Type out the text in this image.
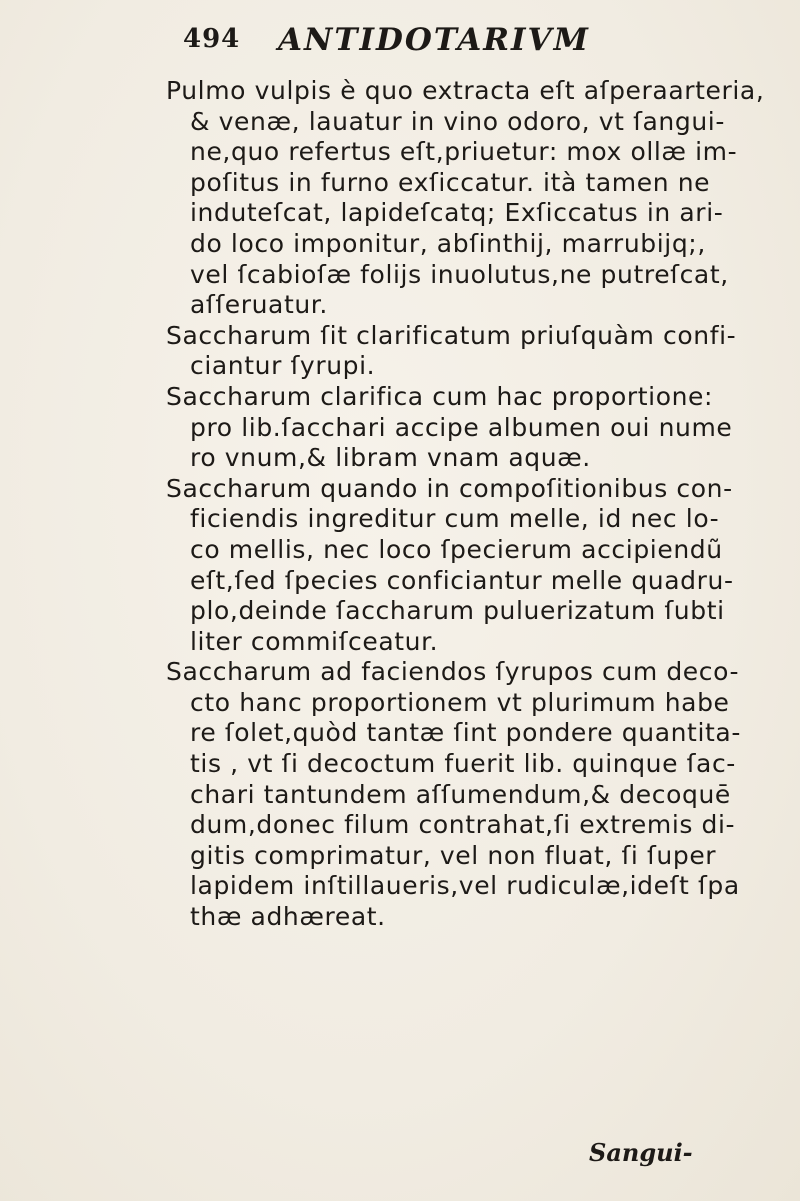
494 ANTIDOTARIVM
Pulmo vulpis è quo extracta eſt aſperaarteria,
& venæ, lauatur in vino odoro, vt ſangui-
ne,quo refertus eſt,priuetur: mox ollæ im-
poſitus in furno exſiccatur. ità tamen ne
induteſcat, lapideſcatq; Exſiccatus in ari-
do loco imponitur, abſinthij, marrubijq;,
vel ſcabioſæ folijs inuolutus,ne putreſcat,
aſſeruatur.
Saccharum ſit clarificatum priuſquàm confi-
ciantur ſyrupi.
Saccharum clarifica cum hac proportione:
pro lib.ſacchari accipe albumen oui nume
ro vnum,& libram vnam aquæ.
Saccharum quando in compoſitionibus con-
ficiendis ingreditur cum melle, id nec lo-
co mellis, nec loco ſpecierum accipiendũ
eſt,ſed ſpecies conficiantur melle quadru-
plo,deinde ſaccharum puluerizatum ſubti
liter commiſceatur.
Saccharum ad faciendos ſyrupos cum deco-
cto hanc proportionem vt plurimum habe
re ſolet,quòd tantæ ſint pondere quantita-
tis , vt ſi decoctum fuerit lib. quinque ſac-
chari tantundem aſſumendum,& decoquē
dum,donec filum contrahat,ſi extremis di-
gitis comprimatur, vel non fluat, ſi ſuper
lapidem inſtillaueris,vel rudiculæ,ideſt ſpa
thæ adhæreat.
Sangui-
